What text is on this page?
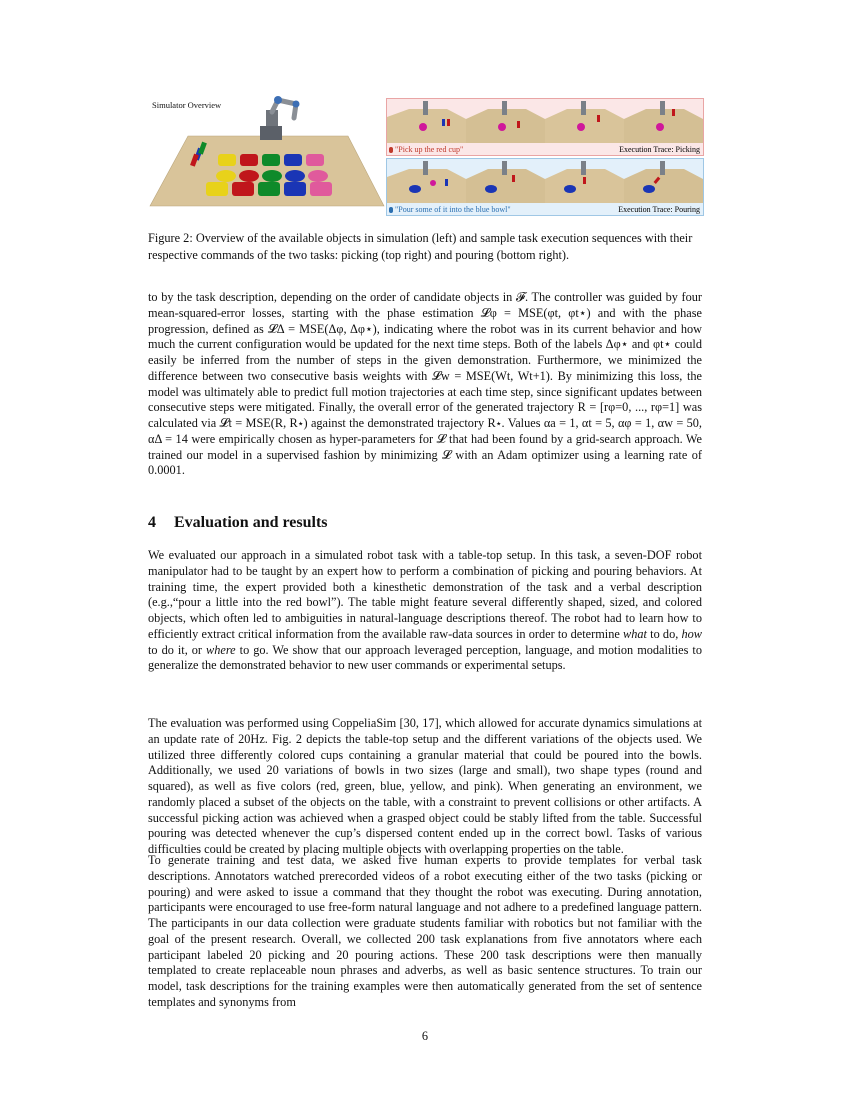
Simulator Overview
"Pick up the red cup"	Execution Trace: Picking
"Pour some of it into the blue bowl"	Execution Trace: Pouring
Figure 2: Overview of the available objects in simulation (left) and sample task execution sequences with their respective commands of the two tasks: picking (top right) and pouring (bottom right).

to by the task description, depending on the order of candidate objects in 𝓕. The controller was guided by four mean-squared-error losses, starting with the phase estimation 𝓛φ = MSE(φt, φt⋆) and with the phase progression, defined as 𝓛Δ = MSE(Δφ, Δφ⋆), indicating where the robot was in its current behavior and how much the current configuration would be updated for the next time steps. Both of the labels Δφ⋆ and φt⋆ could easily be inferred from the number of steps in the given demonstration. Furthermore, we minimized the difference between two consecutive basis weights with 𝓛w = MSE(Wt, Wt+1). By minimizing this loss, the model was ultimately able to predict full motion trajectories at each time step, since significant updates between consecutive steps were mitigated. Finally, the overall error of the generated trajectory R = [rφ=0, ..., rφ=1] was calculated via 𝓛t = MSE(R, R⋆) against the demonstrated trajectory R⋆. Values αa = 1, αt = 5, αφ = 1, αw = 50, αΔ = 14 were empirically chosen as hyper-parameters for 𝓛 that had been found by a grid-search approach. We trained our model in a supervised fashion by minimizing 𝓛 with an Adam optimizer using a learning rate of 0.0001.

4 Evaluation and results

We evaluated our approach in a simulated robot task with a table-top setup. In this task, a seven-DOF robot manipulator had to be taught by an expert how to perform a combination of picking and pouring behaviors. At training time, the expert provided both a kinesthetic demonstration of the task and a verbal description (e.g.,“pour a little into the red bowl”). The table might feature several differently shaped, sized, and colored objects, which often led to ambiguities in natural-language descriptions thereof. The robot had to learn how to efficiently extract critical information from the available raw-data sources in order to determine what to do, how to do it, or where to go. We show that our approach leveraged perception, language, and motion modalities to generalize the demonstrated behavior to new user commands or experimental setups.

The evaluation was performed using CoppeliaSim [30, 17], which allowed for accurate dynamics simulations at an update rate of 20Hz. Fig. 2 depicts the table-top setup and the different variations of the objects used. We utilized three differently colored cups containing a granular material that could be poured into the bowls. Additionally, we used 20 variations of bowls in two sizes (large and small), two shape types (round and squared), as well as five colors (red, green, blue, yellow, and pink). When generating an environment, we randomly placed a subset of the objects on the table, with a constraint to prevent collisions or other artifacts. A successful picking action was achieved when a grasped object could be stably lifted from the table. Successful pouring was detected whenever the cup’s dispersed content ended up in the correct bowl. Tasks of various difficulties could be created by placing multiple objects with overlapping properties on the table.

To generate training and test data, we asked five human experts to provide templates for verbal task descriptions. Annotators watched prerecorded videos of a robot executing either of the two tasks (picking or pouring) and were asked to issue a command that they thought the robot was executing. During annotation, participants were encouraged to use free-form natural language and not adhere to a predefined language pattern. The participants in our data collection were graduate students familiar with robotics but not familiar with the goal of the present research. Overall, we collected 200 task explanations from five annotators where each participant labeled 20 picking and 20 pouring actions. These 200 task descriptions were then manually templated to create replaceable noun phrases and adverbs, as well as basic sentence structures. To train our model, task descriptions for the training examples were then automatically generated from the set of sentence templates and synonyms from

6
